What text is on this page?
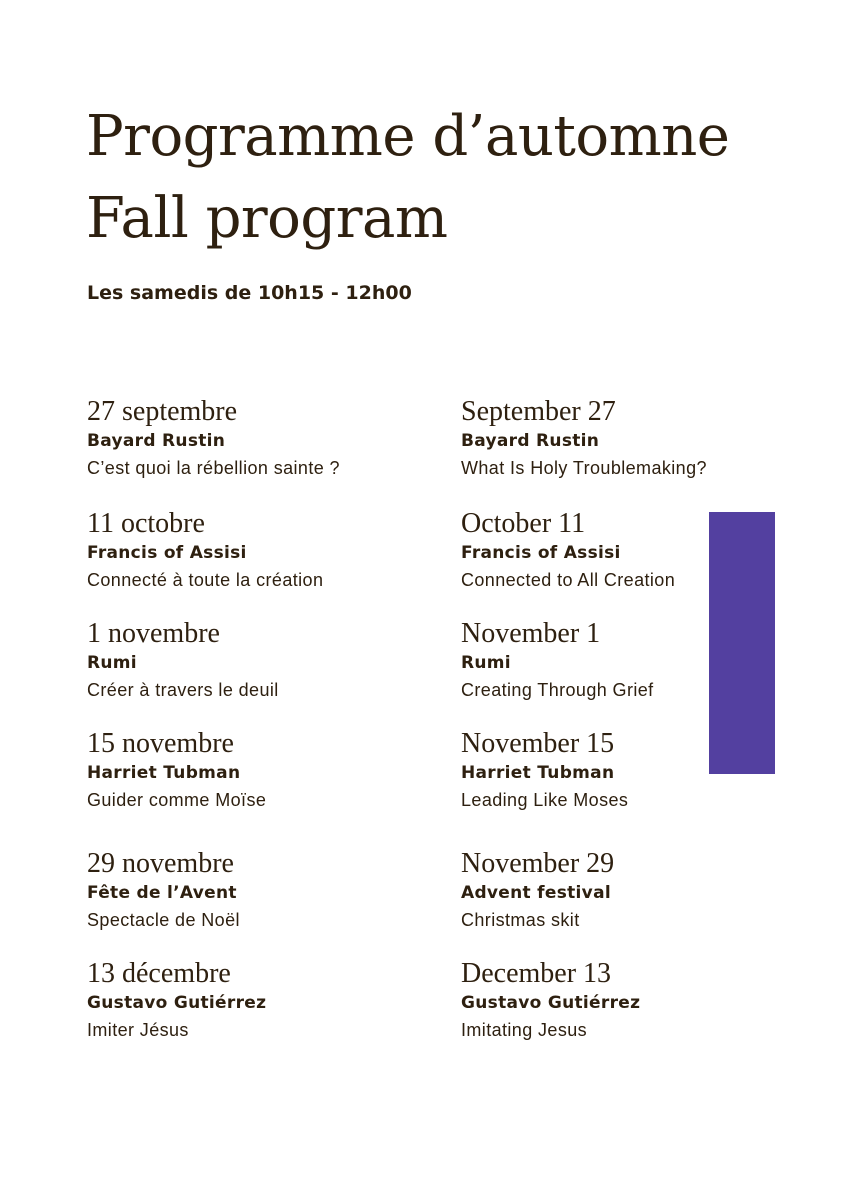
Programme d’automne
Fall program
Les samedis de 10h15 - 12h00
27 septembre
Bayard Rustin
C’est quoi la rébellion sainte ?
11 octobre
Francis of Assisi
Connecté à toute la création
1 novembre
Rumi
Créer à travers le deuil
15 novembre
Harriet Tubman
Guider comme Moïse
29 novembre
Fête de l’Avent
Spectacle de Noël
13 décembre
Gustavo Gutiérrez
Imiter Jésus
September 27
Bayard Rustin
What Is Holy Troublemaking?
October 11
Francis of Assisi
Connected to All Creation
November 1
Rumi
Creating Through Grief
November 15
Harriet Tubman
Leading Like Moses
November 29
Advent festival
Christmas skit
December 13
Gustavo Gutiérrez
Imitating Jesus
